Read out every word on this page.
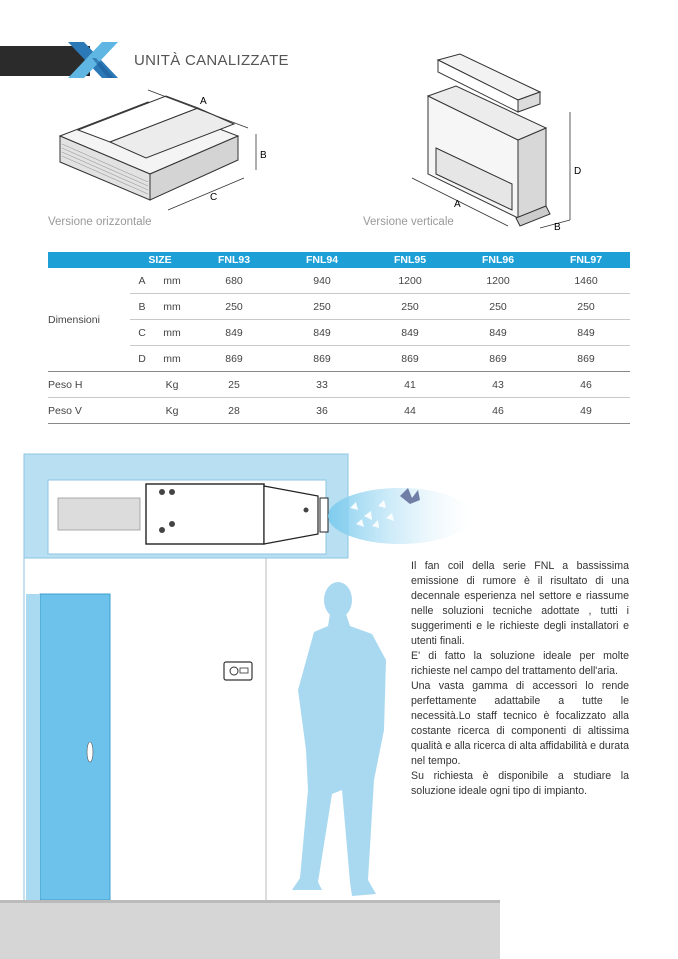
UNITÀ CANALIZZATE
A
B
C
Versione orizzontale
A
D
B
Versione verticale
	SIZE		FNL93	FNL94	FNL95	FNL96	FNL97
Dimensioni	A	mm	680	940	1200	1200	1460
	B	mm	250	250	250	250	250
	C	mm	849	849	849	849	849
	D	mm	869	869	869	869	869
Peso H		Kg	25	33	41	43	46
Peso V		Kg	28	36	44	46	49

Il fan coil della serie FNL a bassissima emissione di rumore è il risultato di una decennale esperienza nel settore e riassume nelle soluzioni tecniche adottate , tutti i suggerimenti e le richieste degli installatori e utenti finali.

E' di fatto la soluzione ideale per molte richieste nel campo del trattamento dell'aria.

Una vasta gamma di accessori lo rende perfettamente adattabile a tutte le necessità.Lo staff tecnico è focalizzato alla costante ricerca di componenti di altissima qualità e alla ricerca di alta affidabilità e durata nel tempo.

Su richiesta è disponibile a studiare la soluzione ideale ogni tipo di impianto.
